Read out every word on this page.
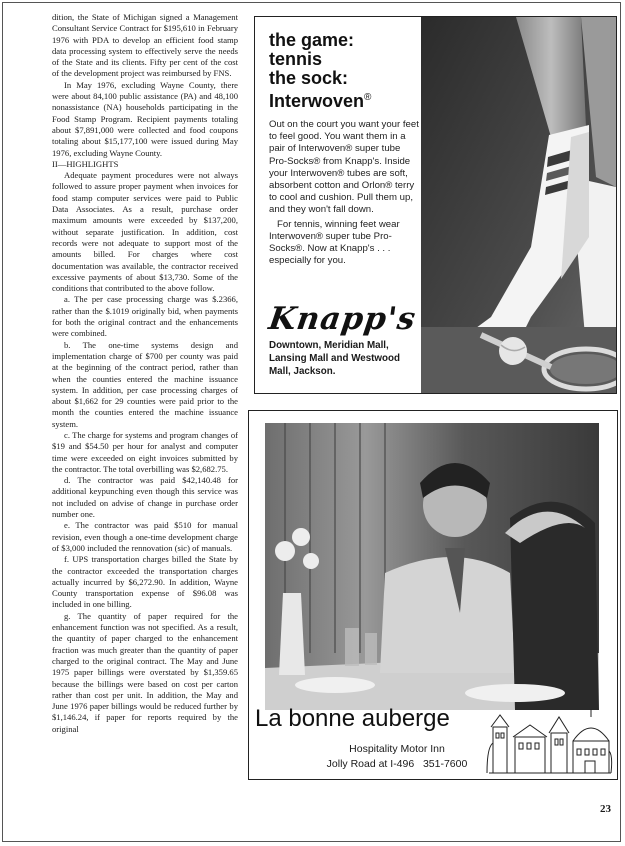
dition, the State of Michigan signed a Management Consultant Service Contract for $195,610 in February 1976 with PDA to develop an efficient food stamp data processing system to effectively serve the needs of the State and its clients. Fifty per cent of the cost of the development project was reimbursed by FNS.

In May 1976, excluding Wayne County, there were about 84,100 public assistance (PA) and 48,100 nonassistance (NA) households participating in the Food Stamp Program. Recipient payments totaling about $7,891,000 were collected and food coupons totaling about $15,177,100 were issued during May 1976, excluding Wayne County.

II—HIGHLIGHTS

Adequate payment procedures were not always followed to assure proper payment when invoices for food stamp computer services were paid to Public Data Associates. As a result, purchase order maximum amounts were exceeded by $137,200, without separate justification. In addition, cost records were not adequate to support most of the amounts billed. For charges where cost documentation was available, the contractor received excessive payments of about $13,730. Some of the conditions that contributed to the above follow.

a. The per case processing charge was $.2366, rather than the $.1019 originally bid, when payments for both the original contract and the enhancements were combined.

b. The one-time systems design and implementation charge of $700 per county was paid at the beginning of the contract period, rather than when the counties entered the machine issuance system. In addition, per case processing charges of about $1,662 for 29 counties were paid prior to the month the counties entered the machine issuance system.

c. The charge for systems and program changes of $19 and $54.50 per hour for analyst and computer time were exceeded on eight invoices submitted by the contractor. The total overbilling was $2,682.75.

d. The contractor was paid $42,140.48 for additional keypunching even though this service was not included on advise of change in purchase order number one.

e. The contractor was paid $510 for manual revision, even though a one-time development charge of $3,000 included the rennovation (sic) of manuals.

f. UPS transportation charges billed the State by the contractor exceeded the transportation charges actually incurred by $6,272.90. In addition, Wayne County transportation expense of $96.08 was included in one billing.

g. The quantity of paper required for the enhancement function was not specified. As a result, the quantity of paper charged to the enhancement fraction was much greater than the quantity of paper charged to the original contract. The May and June 1975 paper billings were overstated by $1,359.65 because the billings were based on cost per carton rather than cost per unit. In addition, the May and June 1976 paper billings would be reduced further by $1,146.24, if paper for reports required by the original

the game:
tennis
the sock:
Interwoven®

Out on the court you want your feet to feel good. You want them in a pair of Interwoven® super tube Pro-Socks® from Knapp's. Inside your Interwoven® tubes are soft, absorbent cotton and Orlon® terry to cool and cushion. Pull them up, and they won't fall down.

For tennis, winning feet wear Interwoven® super tube Pro-Socks®. Now at Knapp's . . . especially for you.

Knapp's
Downtown, Meridian Mall, Lansing Mall and Westwood Mall, Jackson.
La bonne auberge
Hospitality Motor Inn
Jolly Road at I-496   351-7600
23
